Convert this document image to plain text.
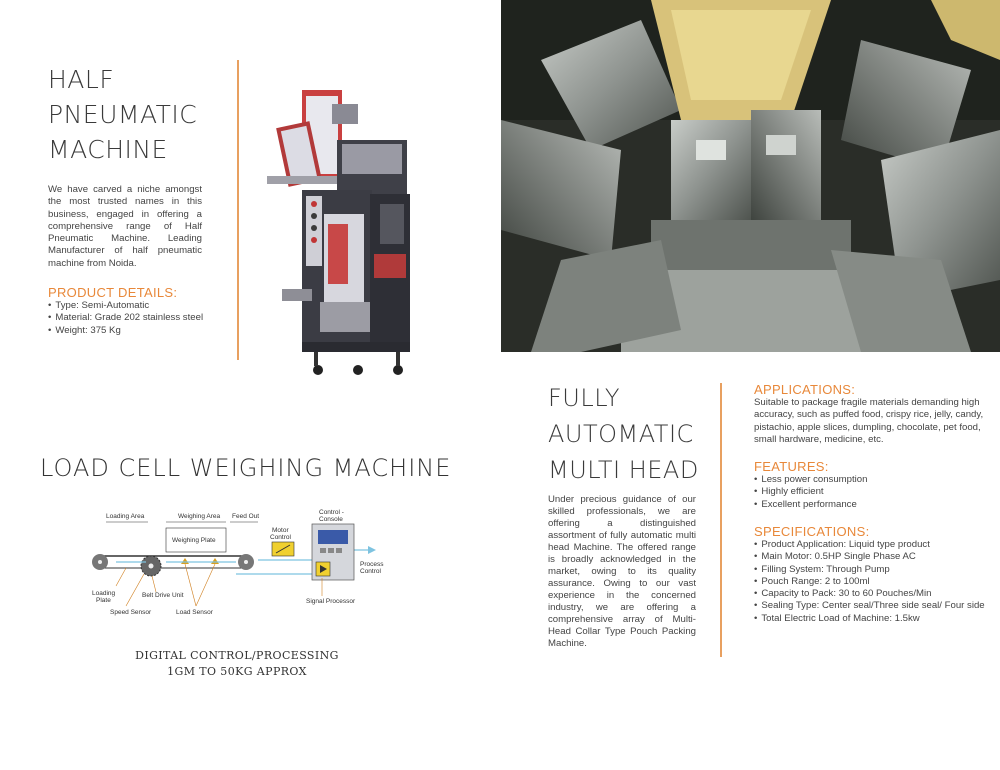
HALF PNEUMATIC MACHINE
We have carved a niche amongst the most trusted names in this business, engaged in offering a comprehensive range of Half Pneumatic Machine. Leading Manufacturer of half pneumatic machine from Noida.
PRODUCT DETAILS:
• Type: Semi-Automatic
• Material: Grade 202 stainless steel
• Weight: 375 Kg
LOAD CELL WEIGHING MACHINE
Loading Area	Weighing Area Feed Out
Weighing Plate
Motor
Control
Control -
Console
Process
Control
Loading
Plate
Belt Drive Unit
Speed Sensor	Load Sensor
Signal Processor
DIGITAL CONTROL/PROCESSING
1GM TO 50KG APPROX
FULLY AUTOMATIC MULTI HEAD
Under precious guidance of our skilled professionals, we are offering a distinguished assortment of fully automatic multi head Machine. The offered range is broadly acknowledged in the market, owing to its quality assurance. Owing to our vast experience in the concerned industry, we are offering a comprehensive array of Multi-Head Collar Type Pouch Packing Machine.
APPLICATIONS:
Suitable to package fragile materials demanding high accuracy, such as puffed food, crispy rice, jelly, candy, pistachio, apple slices, dumpling, chocolate, pet food, small hardware, medicine, etc.
FEATURES:
• Less power consumption
• Highly efficient
• Excellent performance
SPECIFICATIONS:
• Product Application: Liquid type product
• Main Motor: 0.5HP Single Phase AC
• Filling System: Through Pump
• Pouch Range: 2 to 100ml
• Capacity to Pack: 30 to 60 Pouches/Min
• Sealing Type: Center seal/Three side seal/ Four side
• Total Electric Load of Machine: 1.5kw
